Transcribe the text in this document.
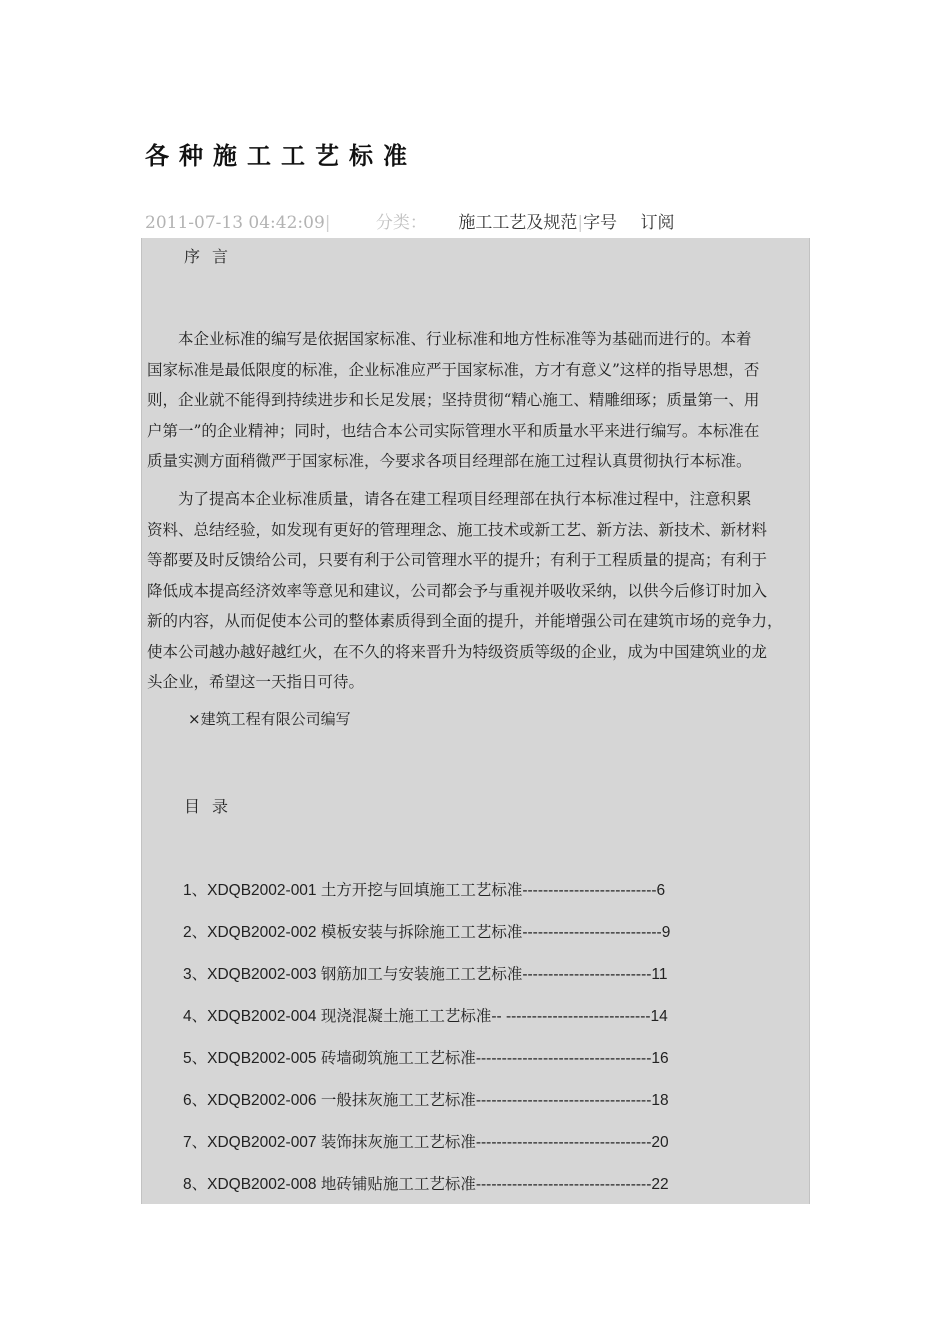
各种施工工艺标准
2011-07-13 04:42:09|	分类： 施工工艺及规范|字号 订阅
序言
　　本企业标准的编写是依据国家标准、行业标准和地方性标准等为基础而进行的。本着
国家标准是最低限度的标准，企业标准应严于国家标准，方才有意义”这样的指导思想，否
则，企业就不能得到持续进步和长足发展；坚持贯彻“精心施工、精雕细琢；质量第一、用
户第一”的企业精神；同时，也结合本公司实际管理水平和质量水平来进行编写。本标准在
质量实测方面稍微严于国家标准，今要求各项目经理部在施工过程认真贯彻执行本标准。
　　为了提高本企业标准质量，请各在建工程项目经理部在执行本标准过程中，注意积累
资料、总结经验，如发现有更好的管理理念、施工技术或新工艺、新方法、新技术、新材料
等都要及时反馈给公司，只要有利于公司管理水平的提升；有利于工程质量的提高；有利于
降低成本提高经济效率等意见和建议，公司都会予与重视并吸收采纳，以供今后修订时加入
新的内容，从而促使本公司的整体素质得到全面的提升，并能增强公司在建筑市场的竞争力，
使本公司越办越好越红火，在不久的将来晋升为特级资质等级的企业，成为中国建筑业的龙
头企业，希望这一天指日可待。
×建筑工程有限公司编写
目录
1、XDQB2002-001 土方开挖与回填施工工艺标准--------------------------6
2、XDQB2002-002 模板安装与拆除施工工艺标准---------------------------9
3、XDQB2002-003 钢筋加工与安装施工工艺标准-------------------------11
4、XDQB2002-004 现浇混凝土施工工艺标准-- ----------------------------14
5、XDQB2002-005 砖墙砌筑施工工艺标准----------------------------------16
6、XDQB2002-006 一般抹灰施工工艺标准----------------------------------18
7、XDQB2002-007 装饰抹灰施工工艺标准----------------------------------20
8、XDQB2002-008 地砖铺贴施工工艺标准----------------------------------22
